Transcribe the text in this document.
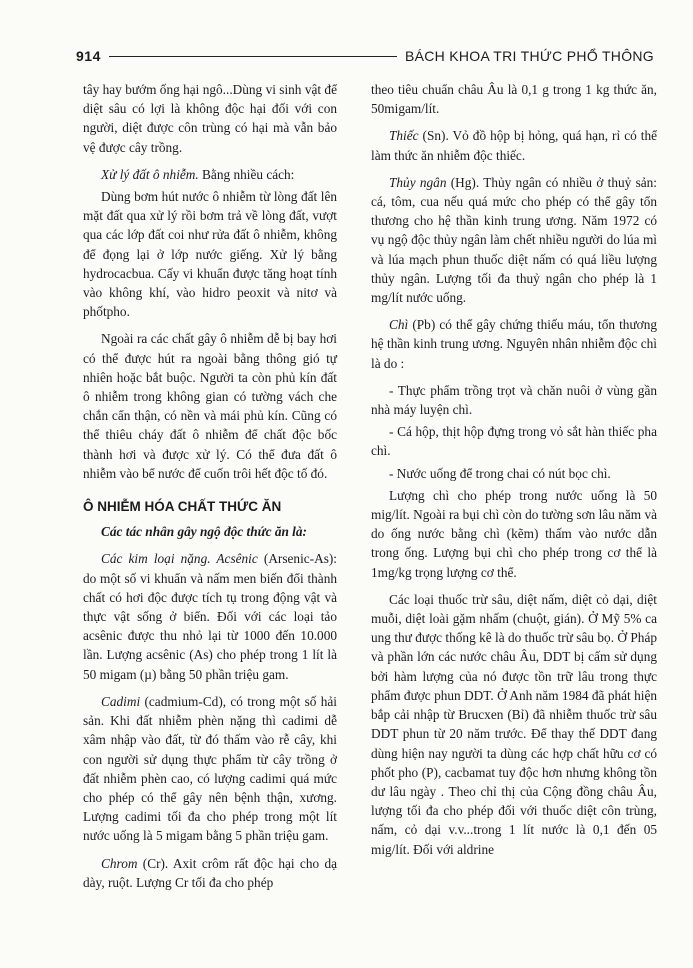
914	BÁCH KHOA TRI THỨC PHỔ THÔNG

tây hay bướm ống hại ngô...Dùng vi sinh vật để diệt sâu có lợi là không độc hại đối với con người, diệt được côn trùng có hại mà vẫn bảo vệ được cây trồng.

Xử lý đất ô nhiễm. Bằng nhiều cách:

Dùng bơm hút nước ô nhiễm từ lòng đất lên mặt đất qua xử lý rồi bơm trả về lòng đất, vượt qua các lớp đất coi như rửa đất ô nhiễm, không để đọng lại ở lớp nước giếng. Xử lý bằng hydrocacbua. Cấy vi khuẩn được tăng hoạt tính vào không khí, vào hidro peoxit và nitơ và phốtpho.

Ngoài ra các chất gây ô nhiễm dễ bị bay hơi có thể được hút ra ngoài bằng thông gió tự nhiên hoặc bắt buộc. Người ta còn phủ kín đất ô nhiễm trong không gian có tường vách che chắn cẩn thận, có nền và mái phủ kín. Cũng có thể thiêu cháy đất ô nhiễm để chất độc bốc thành hơi và được xử lý. Có thể đưa đất ô nhiễm vào bể nước để cuốn trôi hết độc tố đó.

Ô NHIỄM HÓA CHẤT THỨC ĂN

Các tác nhân gây ngộ độc thức ăn là:

Các kim loại nặng. Acsênic (Arsenic-As): do một số vi khuẩn và nấm men biến đổi thành chất có hơi độc được tích tụ trong động vật và thực vật sống ở biển. Đối với các loại tảo acsênic được thu nhỏ lại từ 1000 đến 10.000 lần. Lượng acsênic (As) cho phép trong 1 lít là 50 migam (µ) bằng 50 phần triệu gam.

Cadimi (cadmium-Cd), có trong một số hải sản. Khi đất nhiễm phèn nặng thì cadimi dễ xâm nhập vào đất, từ đó thấm vào rễ cây, khi con người sử dụng thực phẩm từ cây trồng ở đất nhiễm phèn cao, có lượng cadimi quá mức cho phép có thể gây nên bệnh thận, xương. Lượng cadimi tối đa cho phép trong một lít nước uống là 5 migam bằng 5 phần triệu gam.

Chrom (Cr). Axit crôm rất độc hại cho dạ dày, ruột. Lượng Cr tối đa cho phép

theo tiêu chuẩn châu Âu là 0,1 g trong 1 kg thức ăn, 50migam/lít.

Thiếc (Sn). Vỏ đồ hộp bị hỏng, quá hạn, rỉ có thể làm thức ăn nhiễm độc thiếc.

Thủy ngân (Hg). Thủy ngân có nhiều ở thuỷ sản: cá, tôm, cua nếu quá mức cho phép có thể gây tổn thương cho hệ thần kinh trung ương. Năm 1972 có vụ ngộ độc thủy ngân làm chết nhiều người do lúa mì và lúa mạch phun thuốc diệt nấm có quá liều lượng thủy ngân. Lượng tối đa thuỷ ngân cho phép là 1 mg/lít nước uống.

Chì (Pb) có thể gây chứng thiếu máu, tổn thương hệ thần kinh trung ương. Nguyên nhân nhiễm độc chì là do :

- Thực phẩm trồng trọt và chăn nuôi ở vùng gần nhà máy luyện chì.

- Cá hộp, thịt hộp đựng trong vỏ sắt hàn thiếc pha chì.

- Nước uống để trong chai có nút bọc chì.

Lượng chì cho phép trong nước uống là 50 mig/lít. Ngoài ra bụi chì còn do tường sơn lâu năm và do ống nước bằng chì (kẽm) thấm vào nước dẫn trong ống. Lượng bụi chì cho phép trong cơ thể là 1mg/kg trọng lượng cơ thể.

Các loại thuốc trừ sâu, diệt nấm, diệt cỏ dại, diệt muỗi, diệt loài gặm nhấm (chuột, gián). Ở Mỹ 5% ca ung thư được thống kê là do thuốc trừ sâu bọ. Ở Pháp và phần lớn các nước châu Âu, DDT bị cấm sử dụng bởi hàm lượng của nó được tồn trữ lâu trong thực phẩm được phun DDT. Ở Anh năm 1984 đã phát hiện bắp cải nhập từ Brucxen (Bỉ) đã nhiễm thuốc trừ sâu DDT phun từ 20 năm trước. Để thay thế DDT đang dùng hiện nay người ta dùng các hợp chất hữu cơ có phốt pho (P), cacbamat tuy độc hơn nhưng không tồn dư lâu ngày . Theo chỉ thị của Cộng đồng châu Âu, lượng tối đa cho phép đối với thuốc diệt côn trùng, nấm, cỏ dại v.v...trong 1 lít nước là 0,1 đến 05 mig/lít. Đối với aldrine
